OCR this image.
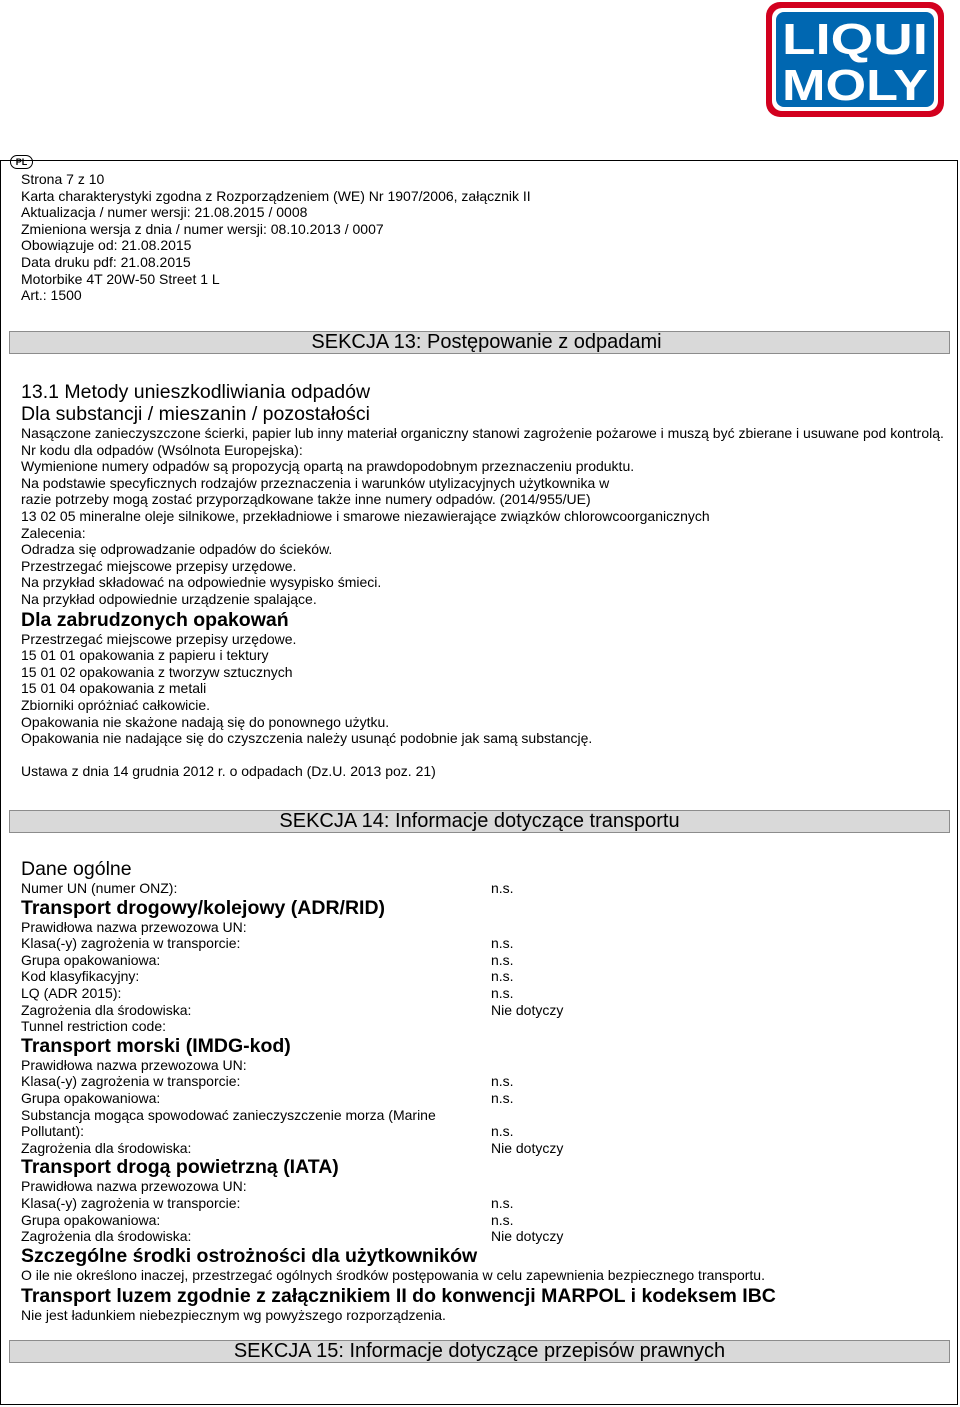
LIQUI
MOLY
PL
Strona 7 z 10
Karta charakterystyki zgodna z Rozporządzeniem (WE) Nr 1907/2006, załącznik II
Aktualizacja / numer wersji: 21.08.2015 / 0008
Zmieniona wersja z dnia / numer wersji: 08.10.2013 / 0007
Obowiązuje od: 21.08.2015
Data druku pdf: 21.08.2015
Motorbike 4T 20W-50 Street 1 L
Art.: 1500
SEKCJA 13: Postępowanie z odpadami
13.1 Metody unieszkodliwiania odpadów
Dla substancji / mieszanin / pozostałości
Nasączone zanieczyszczone ścierki, papier lub inny materiał organiczny stanowi zagrożenie pożarowe i muszą być zbierane i usuwane pod kontrolą.
Nr kodu dla odpadów (Wsólnota Europejska):
Wymienione numery odpadów są propozycją opartą na prawdopodobnym przeznaczeniu produktu.
Na podstawie specyficznych rodzajów przeznaczenia i warunków utylizacyjnych użytkownika w
razie potrzeby mogą zostać przyporządkowane także inne numery odpadów. (2014/955/UE)
13 02 05 mineralne oleje silnikowe, przekładniowe i smarowe niezawierające związków chlorowcoorganicznych
Zalecenia:
Odradza się odprowadzanie odpadów do ścieków.
Przestrzegać miejscowe przepisy urzędowe.
Na przykład składować na odpowiednie wysypisko śmieci.
Na przykład odpowiednie urządzenie spalające.
Dla zabrudzonych opakowań
Przestrzegać miejscowe przepisy urzędowe.
15 01 01 opakowania z papieru i tektury
15 01 02 opakowania z tworzyw sztucznych
15 01 04 opakowania z metali
Zbiorniki opróżniać całkowicie.
Opakowania nie skażone nadają się do ponownego użytku.
Opakowania nie nadające się do czyszczenia należy usunąć podobnie jak samą substancję.
Ustawa z dnia 14 grudnia 2012 r. o odpadach (Dz.U. 2013 poz. 21)
SEKCJA 14: Informacje dotyczące transportu
Dane ogólne
Numer UN (numer ONZ):	n.s.
Transport drogowy/kolejowy (ADR/RID)
Prawidłowa nazwa przewozowa UN:
Klasa(-y) zagrożenia w transporcie:	n.s.
Grupa opakowaniowa:	n.s.
Kod klasyfikacyjny:	n.s.
LQ (ADR 2015):	n.s.
Zagrożenia dla środowiska:	Nie dotyczy
Tunnel restriction code:
Transport morski (IMDG-kod)
Prawidłowa nazwa przewozowa UN:
Klasa(-y) zagrożenia w transporcie:	n.s.
Grupa opakowaniowa:	n.s.
Substancja mogąca spowodować zanieczyszczenie morza (Marine
Pollutant):	n.s.
Zagrożenia dla środowiska:	Nie dotyczy
Transport drogą powietrzną (IATA)
Prawidłowa nazwa przewozowa UN:
Klasa(-y) zagrożenia w transporcie:	n.s.
Grupa opakowaniowa:	n.s.
Zagrożenia dla środowiska:	Nie dotyczy
Szczególne środki ostrożności dla użytkowników
O ile nie określono inaczej, przestrzegać ogólnych środków postępowania w celu zapewnienia bezpiecznego transportu.
Transport luzem zgodnie z załącznikiem II do konwencji MARPOL i kodeksem IBC
Nie jest ładunkiem niebezpiecznym wg powyższego rozporządzenia.
SEKCJA 15: Informacje dotyczące przepisów prawnych
